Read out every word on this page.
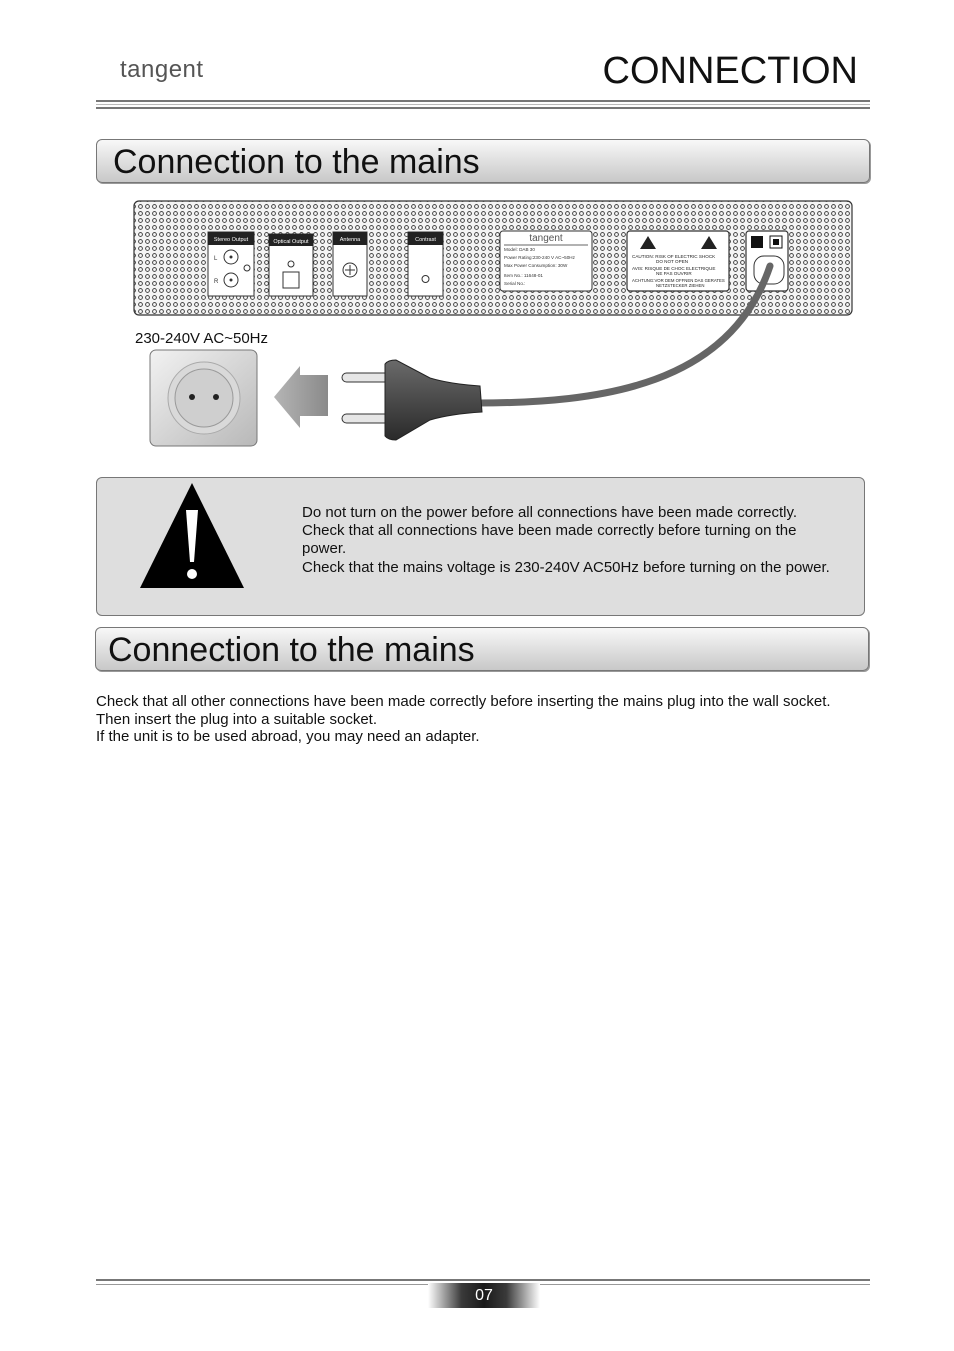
tangent	CONNECTION
Connection to the mains
Stereo Output
L
R
Optical Output	Antenna	Contrast	tangent
Model: DAB 30
Power Rating:230-240 V AC~50Hz
Max Power Consumption: 30W
Item No.: 11648-01
Serial No.:
CAUTION: RISK OF ELECTRIC SHOCK
DO NOT OPEN
AVIS: RISQUE DE CHOC ELECTRIQUE
NE PAS OUVRIR
ACHTUNG:VOR DEM OFFNEN DAS GERATES
NETZSTECKER ZIEHEN
230-240V AC~50Hz
Do not turn on the power before all connections have been made correctly.
Check that all connections have been made correctly before turning on the power.
Check that the mains voltage is 230-240V AC50Hz before turning on the power.
Connection to the mains
Check that all other connections have been made correctly before inserting the mains plug into the wall socket.
Then insert the plug into a suitable socket.
If the unit is to be used abroad, you may need an adapter.
07
